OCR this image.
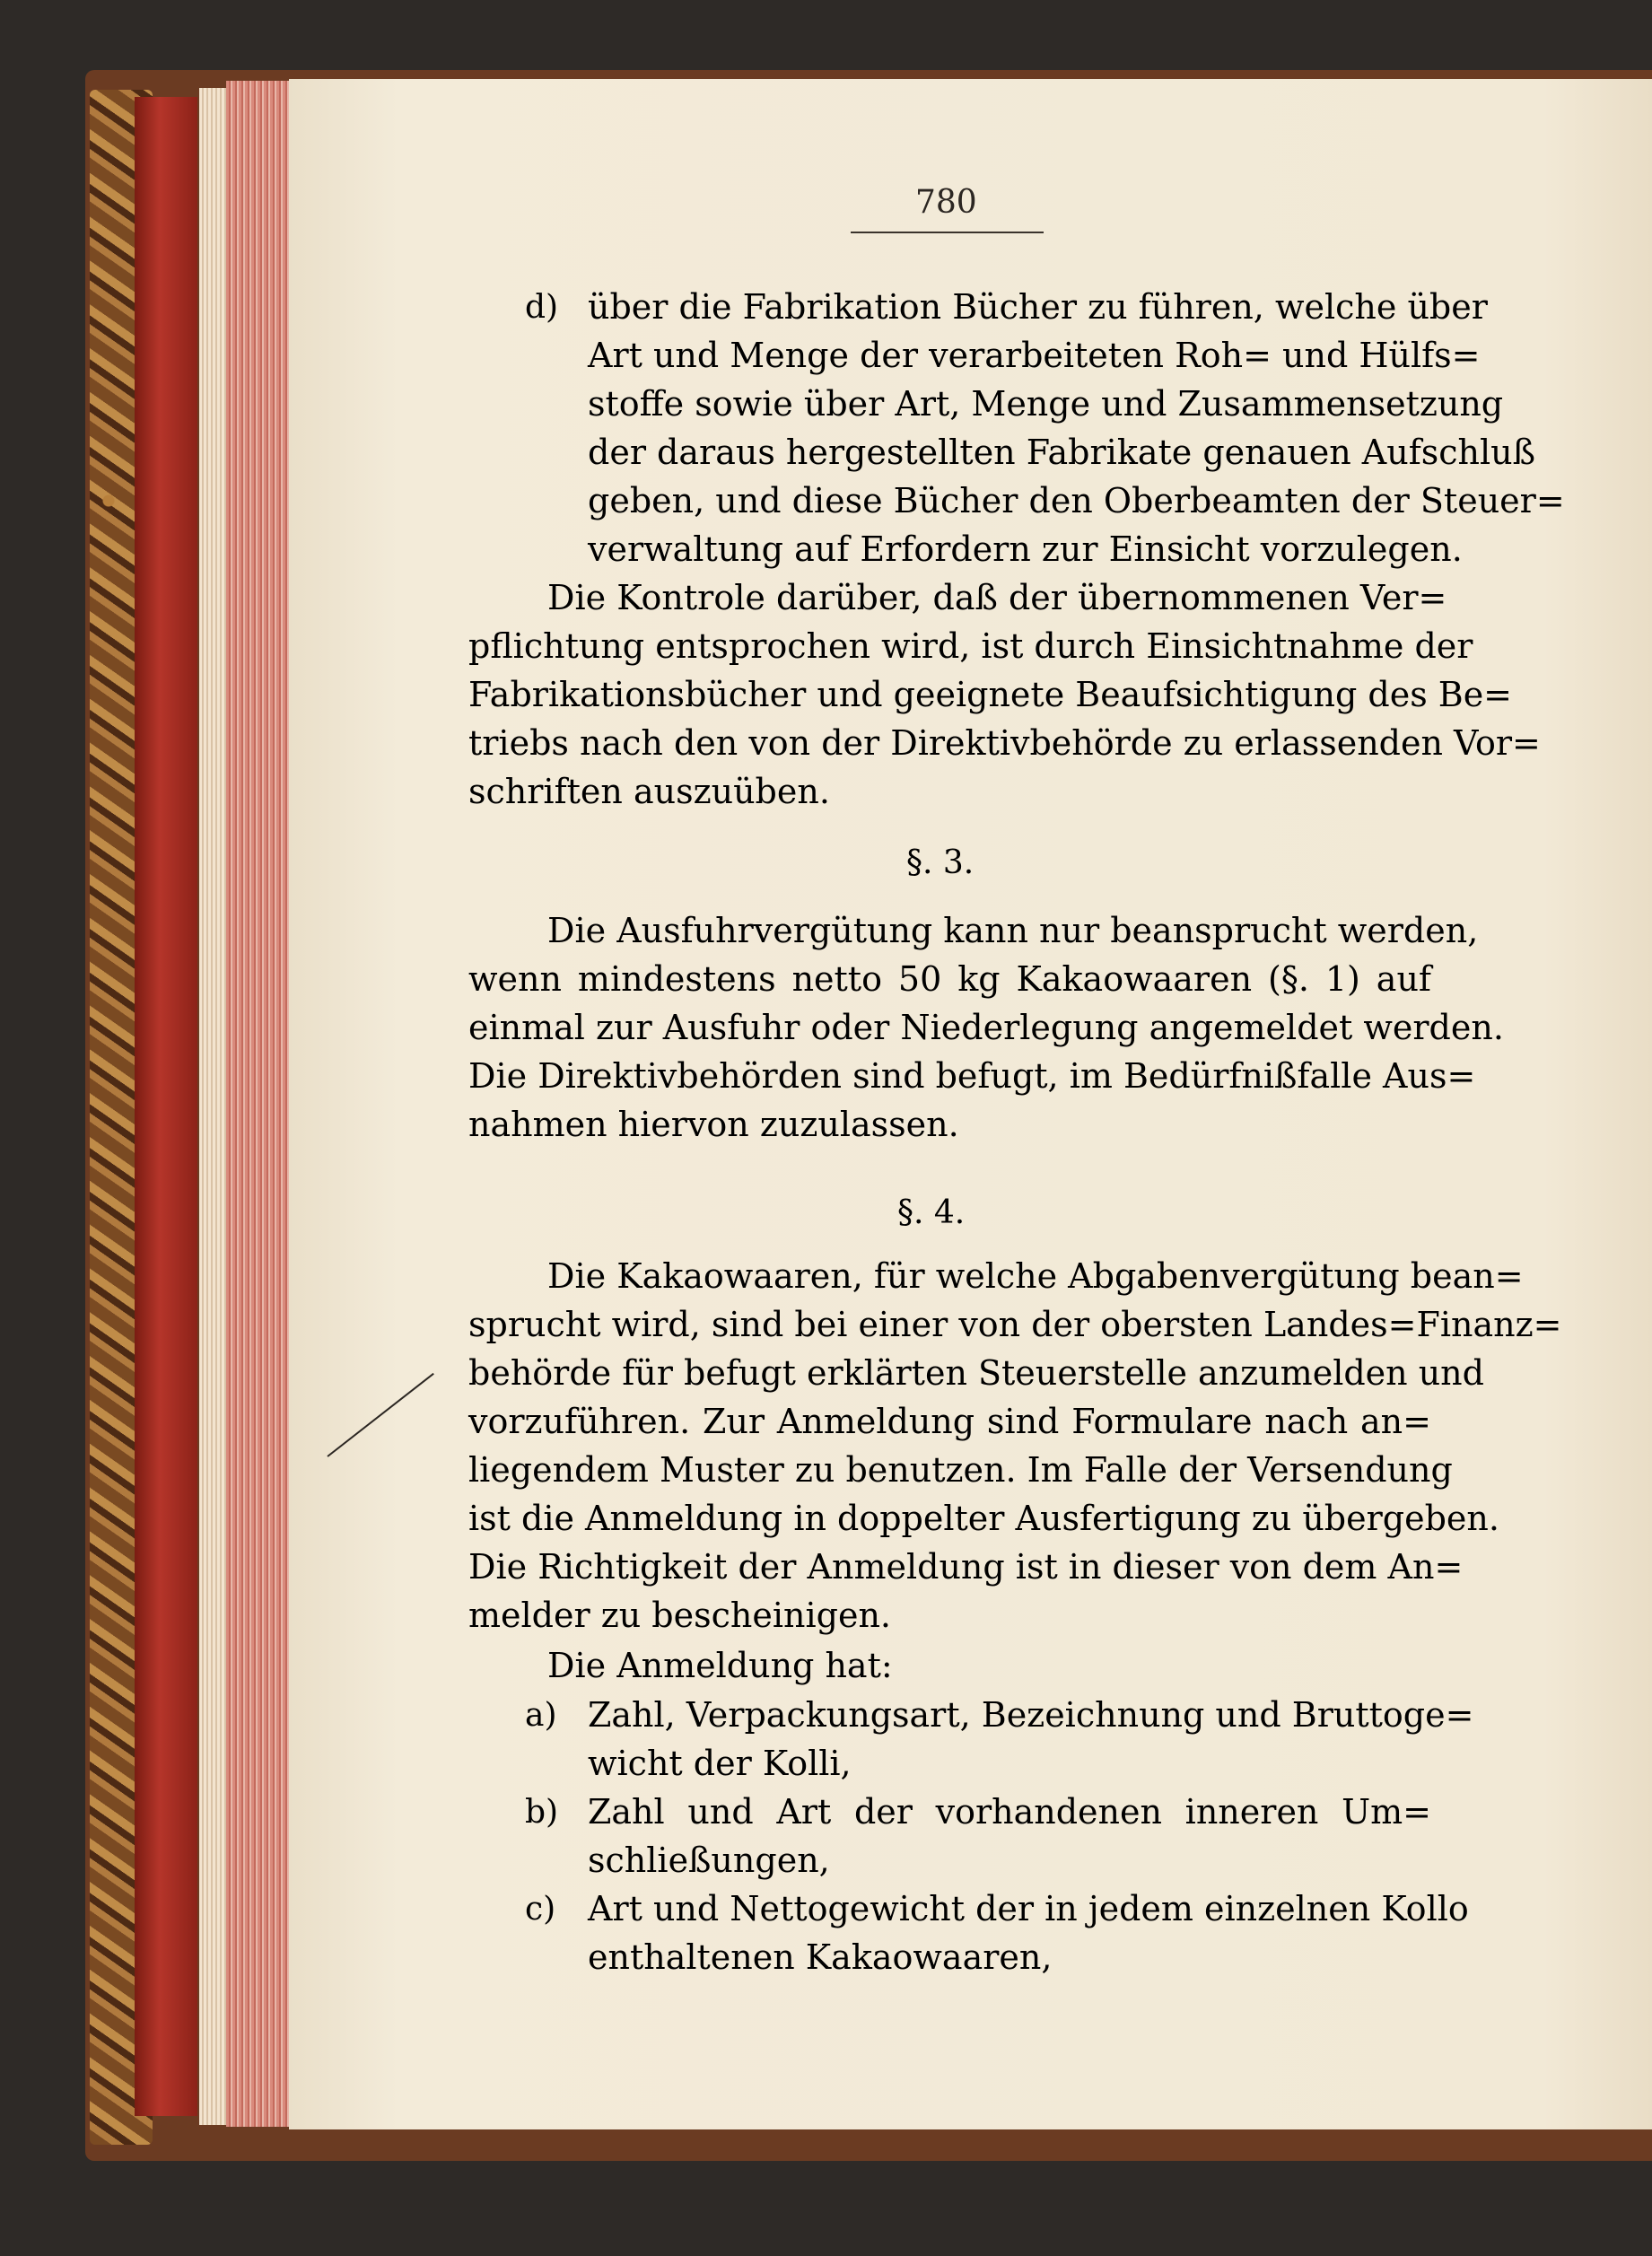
780
d) über die Fabrikation Bücher zu führen, welche über
Art und Menge der verarbeiteten Roh= und Hülfs=
stoffe sowie über Art, Menge und Zusammensetzung
der daraus hergestellten Fabrikate genauen Aufschluß
geben, und diese Bücher den Oberbeamten der Steuer=
verwaltung auf Erfordern zur Einsicht vorzulegen.
Die Kontrole darüber, daß der übernommenen Ver=
pflichtung entsprochen wird, ist durch Einsichtnahme der
Fabrikationsbücher und geeignete Beaufsichtigung des Be=
triebs nach den von der Direktivbehörde zu erlassenden Vor=
schriften auszuüben.
§. 3.
Die Ausfuhrvergütung kann nur beansprucht werden,
wenn mindestens netto 50 kg Kakaowaaren (§. 1) auf
einmal zur Ausfuhr oder Niederlegung angemeldet werden.
Die Direktivbehörden sind befugt, im Bedürfnißfalle Aus=
nahmen hiervon zuzulassen.
§. 4.
Die Kakaowaaren, für welche Abgabenvergütung bean=
sprucht wird, sind bei einer von der obersten Landes=Finanz=
behörde für befugt erklärten Steuerstelle anzumelden und
vorzuführen. Zur Anmeldung sind Formulare nach an=
liegendem Muster zu benutzen. Im Falle der Versendung
ist die Anmeldung in doppelter Ausfertigung zu übergeben.
Die Richtigkeit der Anmeldung ist in dieser von dem An=
melder zu bescheinigen.
Die Anmeldung hat:
a) Zahl, Verpackungsart, Bezeichnung und Bruttoge=
wicht der Kolli,
b) Zahl und Art der vorhandenen inneren Um=
schließungen,
c) Art und Nettogewicht der in jedem einzelnen Kollo
enthaltenen Kakaowaaren,
